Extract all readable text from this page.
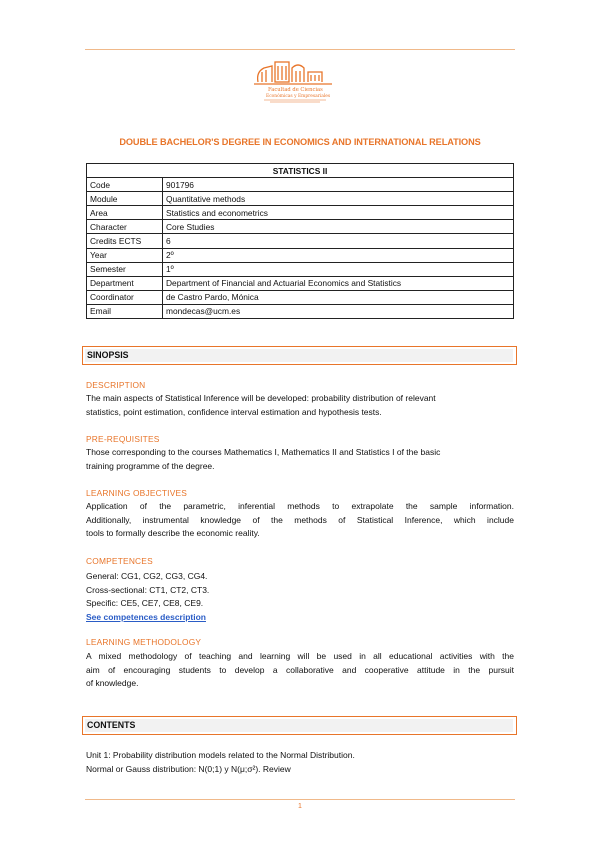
Facultad de Ciencias
Económicas y Empresariales
DOUBLE BACHELOR'S DEGREE IN ECONOMICS AND INTERNATIONAL RELATIONS
STATISTICS II	
Code	901796
Module	Quantitative methods
Area	Statistics and econometrics
Character	Core Studies
Credits ECTS	6
Year	2º
Semester	1º
Department	Department of Financial and Actuarial Economics and Statistics
Coordinator	de Castro Pardo, Mónica
Email	mondecas@ucm.es
SINOPSIS
DESCRIPTION
The main aspects of Statistical Inference will be developed: probability distribution of relevant
statistics, point estimation, confidence interval estimation and hypothesis tests.
PRE-REQUISITES
Those corresponding to the courses Mathematics I, Mathematics II and Statistics I of the basic
training programme of the degree.
LEARNING OBJECTIVES
Application of the parametric, inferential methods to extrapolate the sample information.
Additionally, instrumental knowledge of the methods of Statistical Inference, which include
tools to formally describe the economic reality.
COMPETENCES
General: CG1, CG2, CG3, CG4.
Cross-sectional: CT1, CT2, CT3.
Specific: CE5, CE7, CE8, CE9.
See competences description
LEARNING METHODOLOGY
A mixed methodology of teaching and learning will be used in all educational activities with the
aim of encouraging students to develop a collaborative and cooperative attitude in the pursuit
of knowledge.
CONTENTS
Unit 1: Probability distribution models related to the Normal Distribution.
Normal or Gauss distribution: N(0;1) y N(μ;σ²). Review
1
